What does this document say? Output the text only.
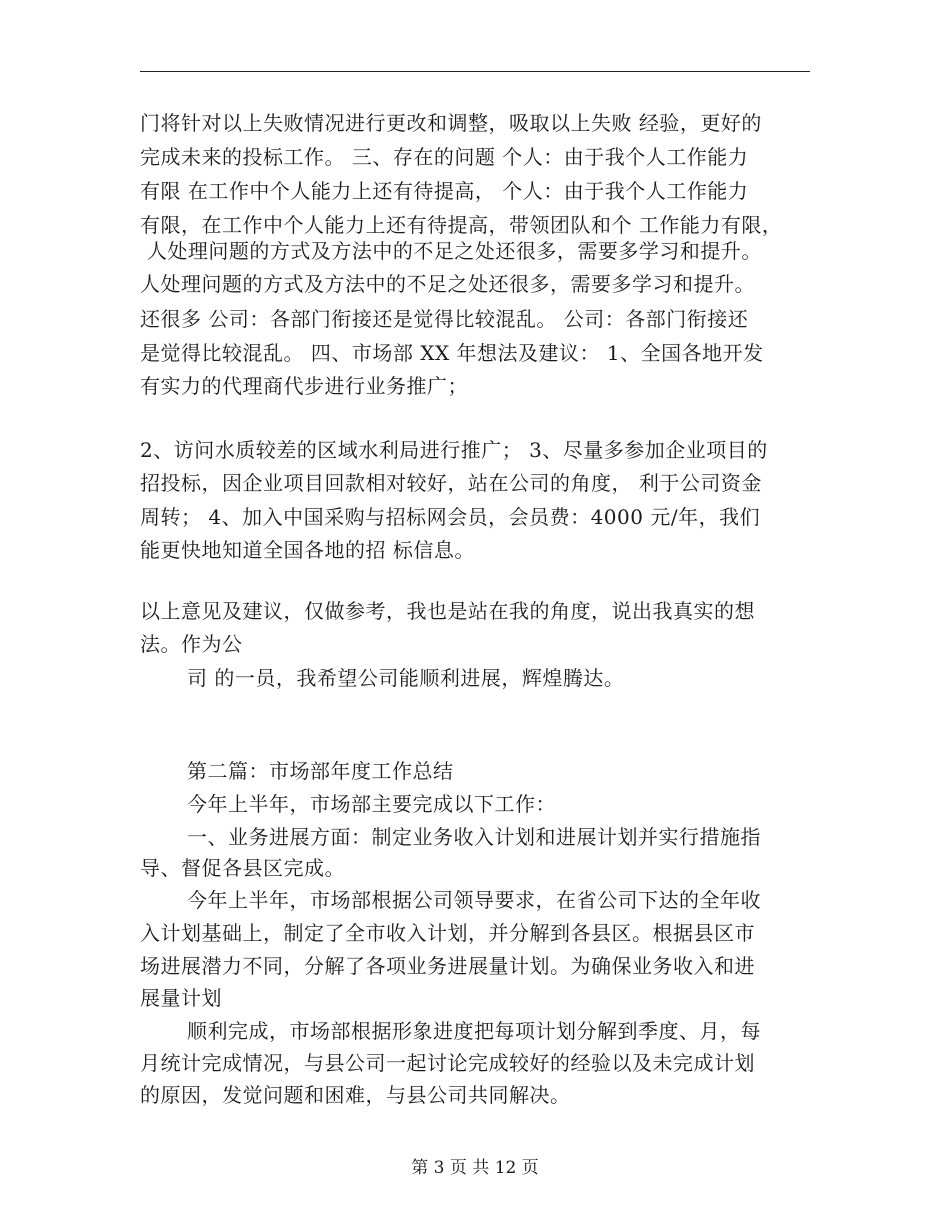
门将针对以上失败情况进行更改和调整，吸取以上失败 经验，更好的
完成未来的投标工作。 三、存在的问题 个人：由于我个人工作能力
有限 在工作中个人能力上还有待提高， 个人：由于我个人工作能力
有限，在工作中个人能力上还有待提高，带领团队和个 工作能力有限，
人处理问题的方式及方法中的不足之处还很多，需要多学习和提升。
人处理问题的方式及方法中的不足之处还很多，需要多学习和提升。
还很多 公司：各部门衔接还是觉得比较混乱。 公司：各部门衔接还
是觉得比较混乱。 四、市场部 XX 年想法及建议： 1、全国各地开发
有实力的代理商代步进行业务推广；
2、访问水质较差的区域水利局进行推广； 3、尽量多参加企业项目的
招投标，因企业项目回款相对较好，站在公司的角度， 利于公司资金
周转； 4、加入中国采购与招标网会员，会员费：4000 元/年，我们
能更快地知道全国各地的招 标信息。
以上意见及建议，仅做参考，我也是站在我的角度，说出我真实的想
法。作为公
司 的一员，我希望公司能顺利进展，辉煌腾达。
第二篇：市场部年度工作总结
今年上半年，市场部主要完成以下工作：
一、业务进展方面：制定业务收入计划和进展计划并实行措施指
导、督促各县区完成。
今年上半年，市场部根据公司领导要求，在省公司下达的全年收
入计划基础上，制定了全市收入计划，并分解到各县区。根据县区市
场进展潜力不同，分解了各项业务进展量计划。为确保业务收入和进
展量计划
顺利完成，市场部根据形象进度把每项计划分解到季度、月，每
月统计完成情况，与县公司一起讨论完成较好的经验以及未完成计划
的原因，发觉问题和困难，与县公司共同解决。
第 3 页 共 12 页
